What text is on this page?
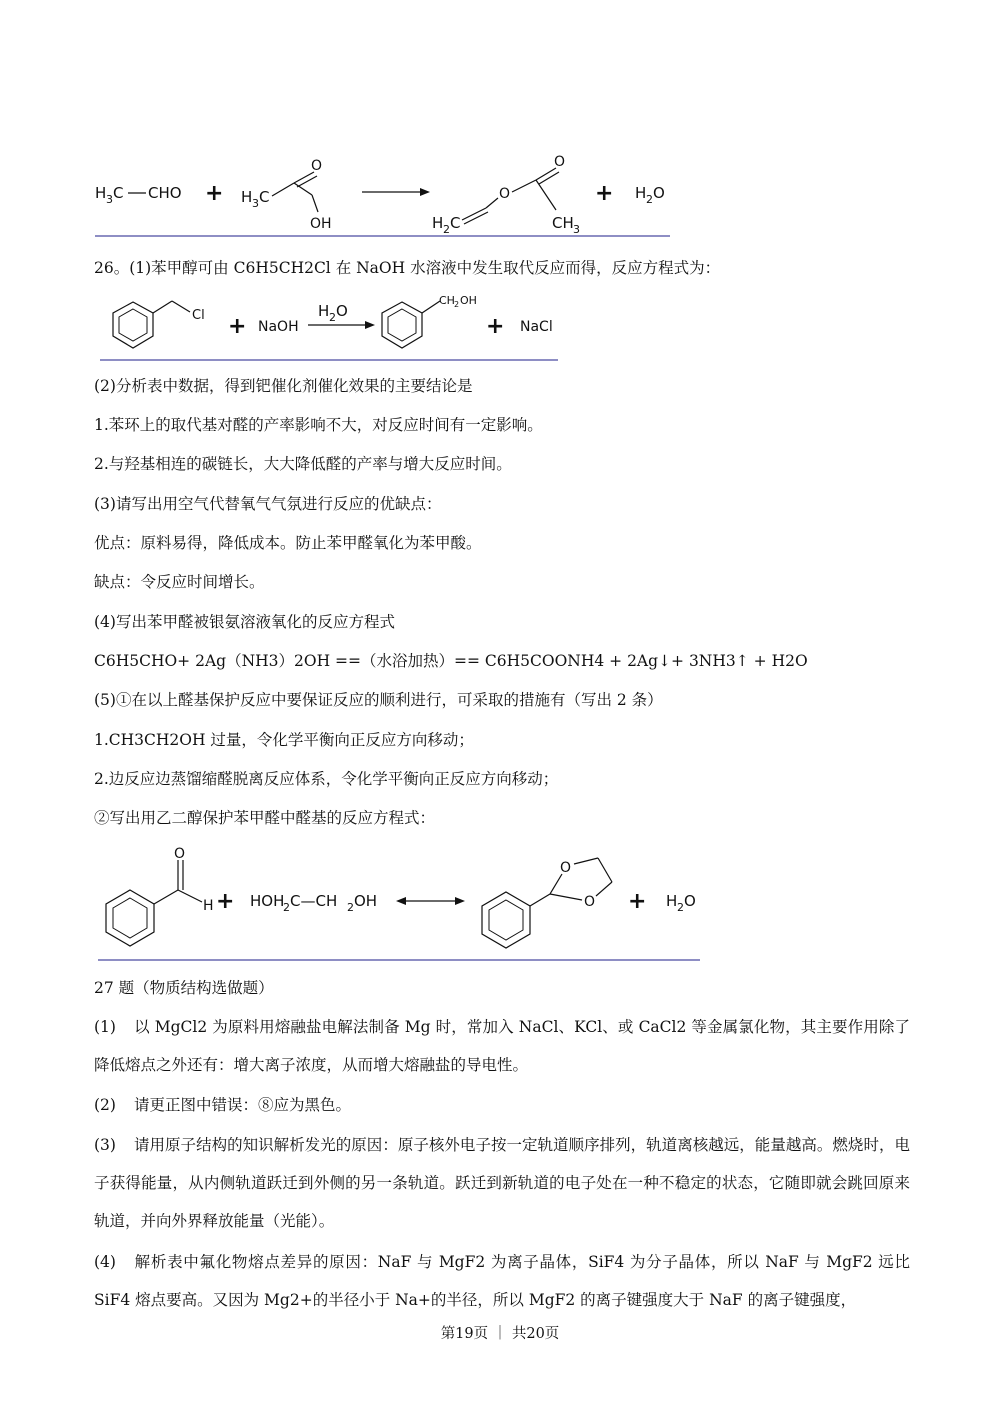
H 3 C CHO + H 3 C
O
OH	H 2 C
O
O
CH 3
+ H 2 O
26。(1)苯甲醇可由 C6H5CH2Cl 在 NaOH 水溶液中发生取代反应而得，反应方程式为：
Cl + NaOH
H 2 O
CH 2 OH
+ NaCl
(2)分析表中数据，得到钯催化剂催化效果的主要结论是
1.苯环上的取代基对醛的产率影响不大，对反应时间有一定影响。
2.与羟基相连的碳链长，大大降低醛的产率与增大反应时间。
(3)请写出用空气代替氧气气氛进行反应的优缺点：
优点：原料易得，降低成本。防止苯甲醛氧化为苯甲酸。
缺点：令反应时间增长。
(4)写出苯甲醛被银氨溶液氧化的反应方程式
C6H5CHO+ 2Ag（NH3）2OH ==（水浴加热）== C6H5COONH4 + 2Ag↓+ 3NH3↑ + H2O
(5)①在以上醛基保护反应中要保证反应的顺利进行，可采取的措施有（写出 2 条）
1.CH3CH2OH 过量，令化学平衡向正反应方向移动；
2.边反应边蒸馏缩醛脱离反应体系，令化学平衡向正反应方向移动；
②写出用乙二醇保护苯甲醛中醛基的反应方程式：
O
H + HOH
2 C—CH 2 OH
O
O + H 2 O
27 题（物质结构选做题）
(1) 以 MgCl2 为原料用熔融盐电解法制备 Mg 时，常加入 NaCl、KCl、或 CaCl2 等金属氯化物，其主要作用除了降低熔点之外还有：增大离子浓度，从而增大熔融盐的导电性。
(2) 请更正图中错误：⑧应为黑色。
(3) 请用原子结构的知识解析发光的原因：原子核外电子按一定轨道顺序排列，轨道离核越远，能量越高。燃烧时，电子获得能量，从内侧轨道跃迁到外侧的另一条轨道。跃迁到新轨道的电子处在一种不稳定的状态，它随即就会跳回原来轨道，并向外界释放能量（光能）。
(4) 解析表中氟化物熔点差异的原因：NaF 与 MgF2 为离子晶体，SiF4 为分子晶体，所以 NaF 与 MgF2 远比 SiF4 熔点要高。又因为 Mg2+的半径小于 Na+的半径，所以 MgF2 的离子键强度大于 NaF 的离子键强度，
第19页 ｜ 共20页
